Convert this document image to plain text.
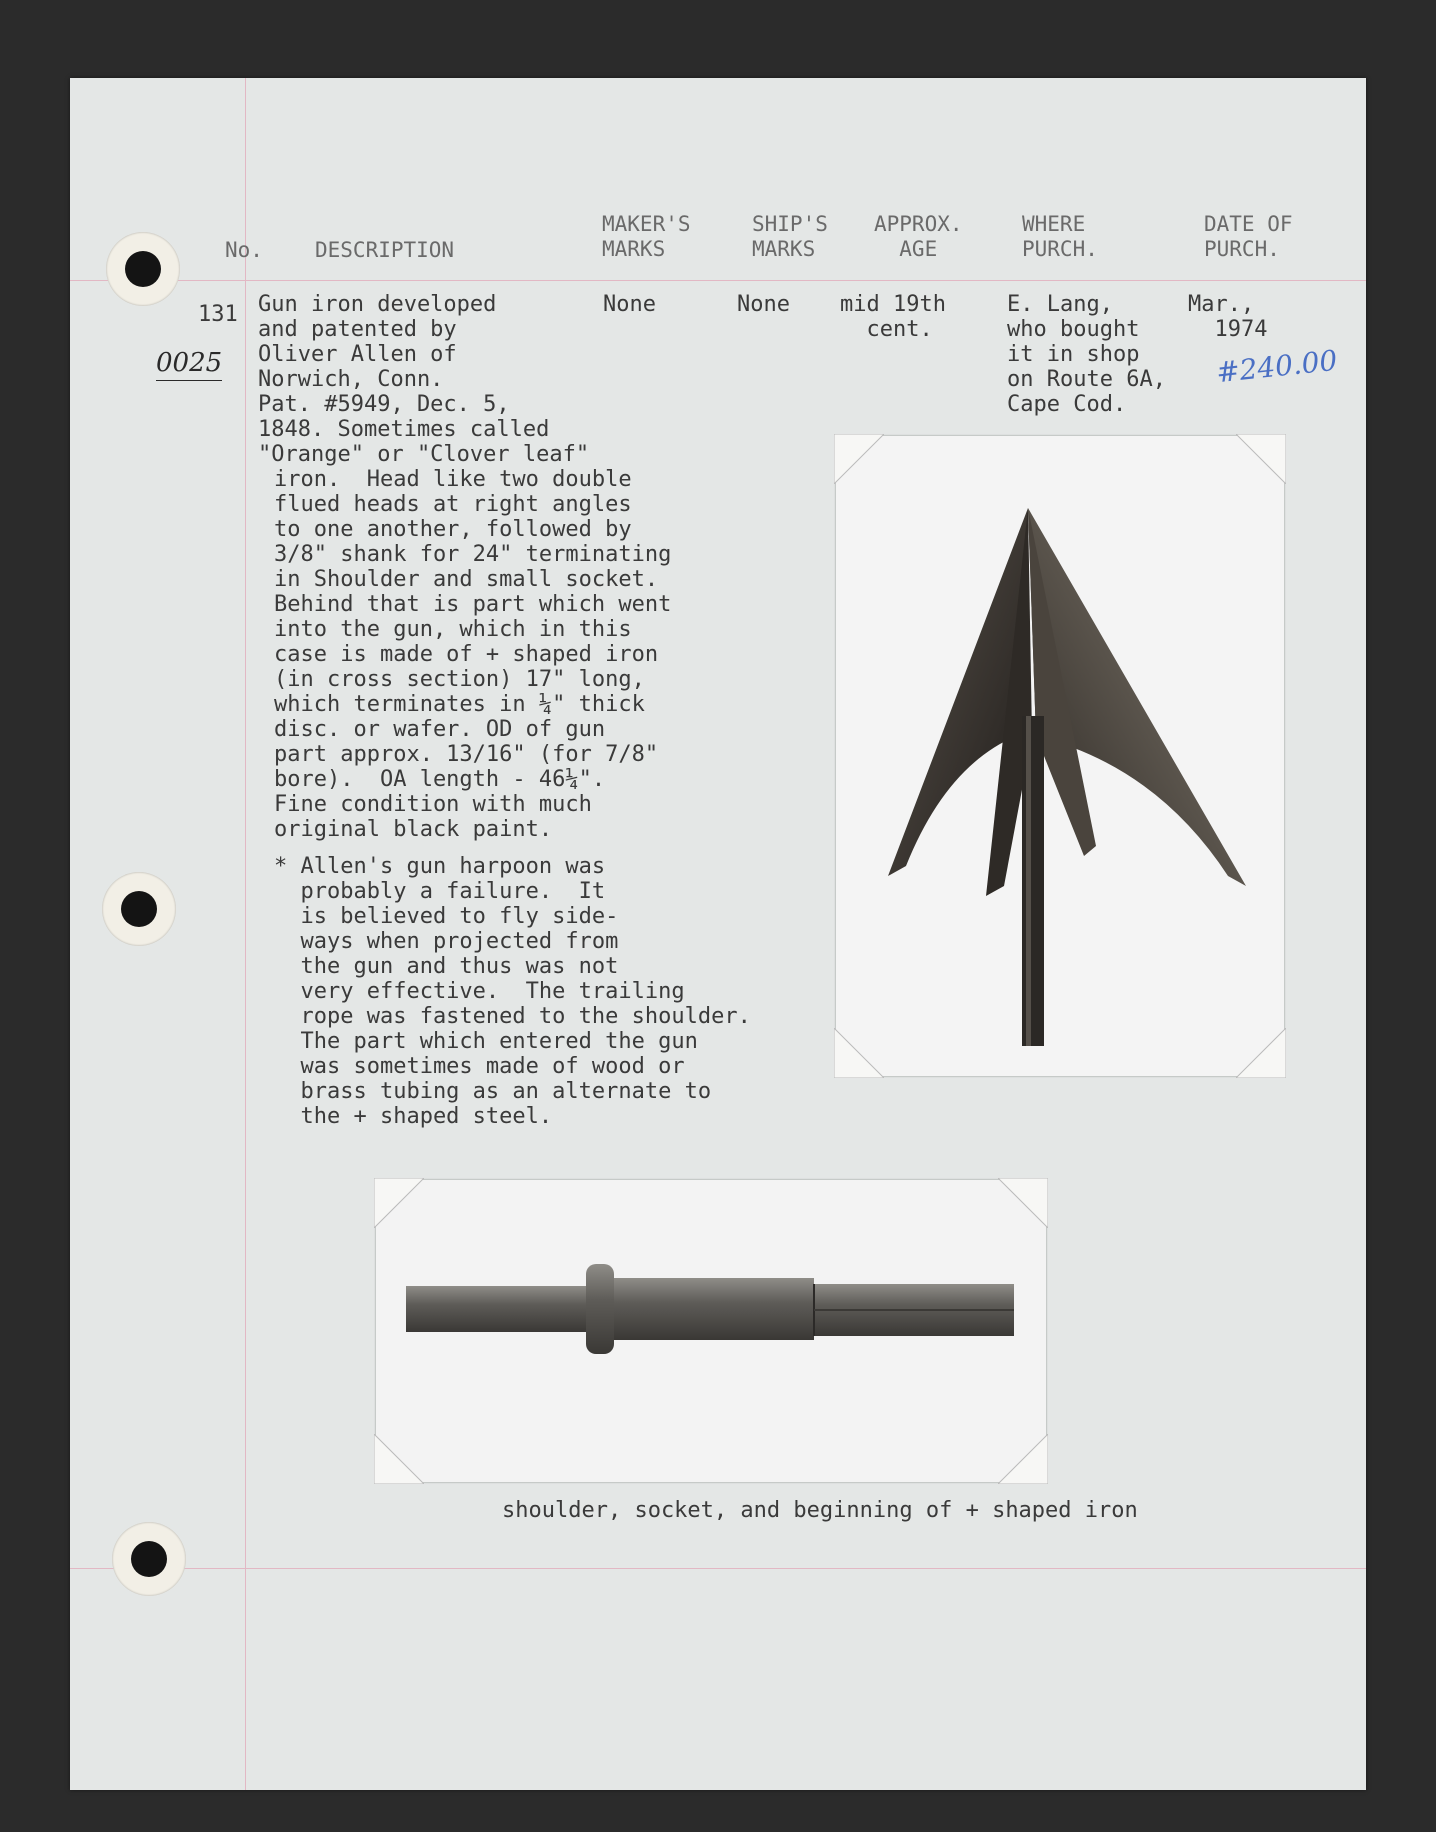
No. DESCRIPTION
MAKER'S
MARKS
SHIP'S
MARKS
APPROX.
AGE
WHERE
PURCH.
DATE OF
PURCH.
131
0025
Gun iron developed
and patented by
Oliver Allen of
Norwich, Conn.
Pat. #5949, Dec. 5,
1848. Sometimes called
"Orange" or "Clover leaf"
iron.  Head like two double
flued heads at right angles
to one another, followed by
3/8" shank for 24" terminating
in Shoulder and small socket.
Behind that is part which went
into the gun, which in this
case is made of + shaped iron
(in cross section) 17" long,
which terminates in ¼" thick
disc. or wafer. OD of gun
part approx. 13/16" (for 7/8"
bore).  OA length - 46¼".
Fine condition with much
original black paint.
* Allen's gun harpoon was
probably a failure.  It
is believed to fly side-
ways when projected from
the gun and thus was not
very effective.  The trailing
rope was fastened to the shoulder.
The part which entered the gun
was sometimes made of wood or
brass tubing as an alternate to
the + shaped steel.
None	None mid 19th
cent.
E. Lang,
who bought
it in shop
on Route 6A,
Cape Cod.
Mar.,
1974
#240.00
shoulder, socket, and beginning of + shaped iron
